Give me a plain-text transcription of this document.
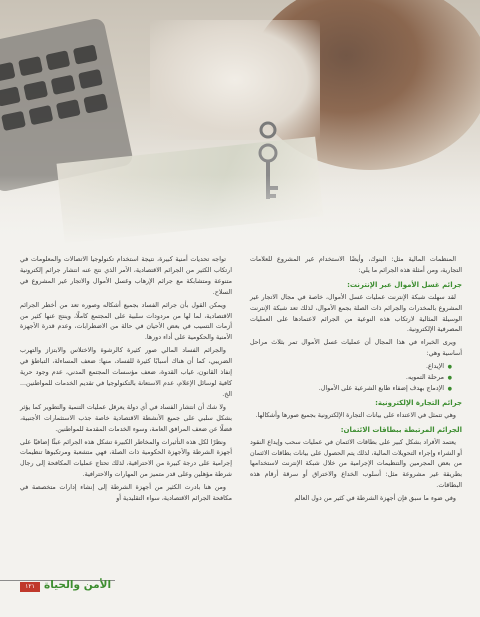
المنظمات المالية مثل: البنوك، وأيضًا الاستخدام غير المشروع للعلامات التجارية، ومن أمثلة هذه الجرائم ما يلي:

جرائم غسل الأموال عبر الإنترنت:

لقد سهلت شبكة الإنترنت عمليات غسل الأموال، خاصة في مجال الاتجار غير المشروع بالمخدرات والجرائم ذات الصلة بجمع الأموال، لذلك تعد شبكة الإنترنت الوسيلة المثالية لارتكاب هذه النوعية من الجرائم لاعتمادها على العمليات المصرفية الإلكترونية.

ويرى الخبراء في هذا المجال أن عمليات غسل الأموال تمر بثلاث مراحل أساسية وهي:

● الإيداع.
● مرحلة التمويه.
● الإدماج بهدف إضفاء طابع الشرعية على الأموال.
جرائم التجارة الإلكترونية:

وهي تتمثل في الاعتداء على بيانات التجارة الإلكترونية بجميع صورها وأشكالها.

الجرائم المرتبطة ببطاقات الائتمان:

يعتمد الأفراد بشكل كبير على بطاقات الائتمان في عمليات سحب وإيداع النقود أو الشراء وإجراء التحويلات المالية، لذلك يتم الحصول على بيانات بطاقات الائتمان من بعض المجرمين والتنظيمات الإجرامية من خلال شبكة الإنترنت لاستخدامها بطريقة غير مشروعة مثل: أسلوب الخداع والاختراق أو سرقة أرقام هذه البطاقات.

وفي ضوء ما سبق فإن أجهزة الشرطة في كثير من دول العالم

تواجه تحديات أمنية كبيرة، نتيجة استخدام تكنولوجيا الاتصالات والمعلومات في ارتكاب الكثير من الجرائم الاقتصادية، الأمر الذي نتج عنه انتشار جرائم إلكترونية متنوعة ومتشابكة مع جرائم الإرهاب وغسل الأموال والاتجار غير المشروع في السلاح.

ويمكن القول بأن جرائم الفساد بجميع أشكاله وصوره تعد من أخطر الجرائم الاقتصادية، لما لها من مردودات سلبية على المجتمع كاملًا، وينتج عنها كثير من أزمات التسيب في بعض الأحيان في حالة من الاضطرابات، وعدم قدرة الأجهزة الأمنية والحكومية على أداء دورها.

والجرائم الفساد المالي صور كثيرة كالرشوة والاختلاس والابتزاز والتهرب الضريبي، كما أن هناك أسبابًا كثيرة للفساد، منها: ضعف المساءلة، التباطؤ في إنفاذ القانون، غياب القدوة، ضعف مؤسسات المجتمع المدني، عدم وجود حرية كافية لوسائل الإعلام، عدم الاستعانة بالتكنولوجيا في تقديم الخدمات للمواطنين... الخ.

ولا شك أن انتشار الفساد في أي دولة يعرقل عمليات التنمية والتطوير كما يؤثر بشكل سلبي على جميع الأنشطة الاقتصادية خاصة جذب الاستثمارات الأجنبية، فضلًا عن ضعف المرافق العامة، وسوء الخدمات المقدمة للمواطنين.

ونظرًا لكل هذه التأثيرات والمخاطر الكبيرة تشكل هذه الجرائم عبئًا إضافيًا على أجهزة الشرطة والأجهزة الحكومية ذات الصلة، فهي متشعبة ومرتكبوها تنظيمات إجرامية على درجة كبيرة من الاحترافية، لذلك تحتاج عمليات المكافحة إلى رجال شرطة مؤهلين وعلى قدر متميز من المهارات والاحترافية.

ومن هنا بادرت الكثير من أجهزة الشرطة إلى إنشاء إدارات متخصصة في مكافحة الجرائم الاقتصادية، سواء التقليدية أو

١٢١ الأمن والحياة
